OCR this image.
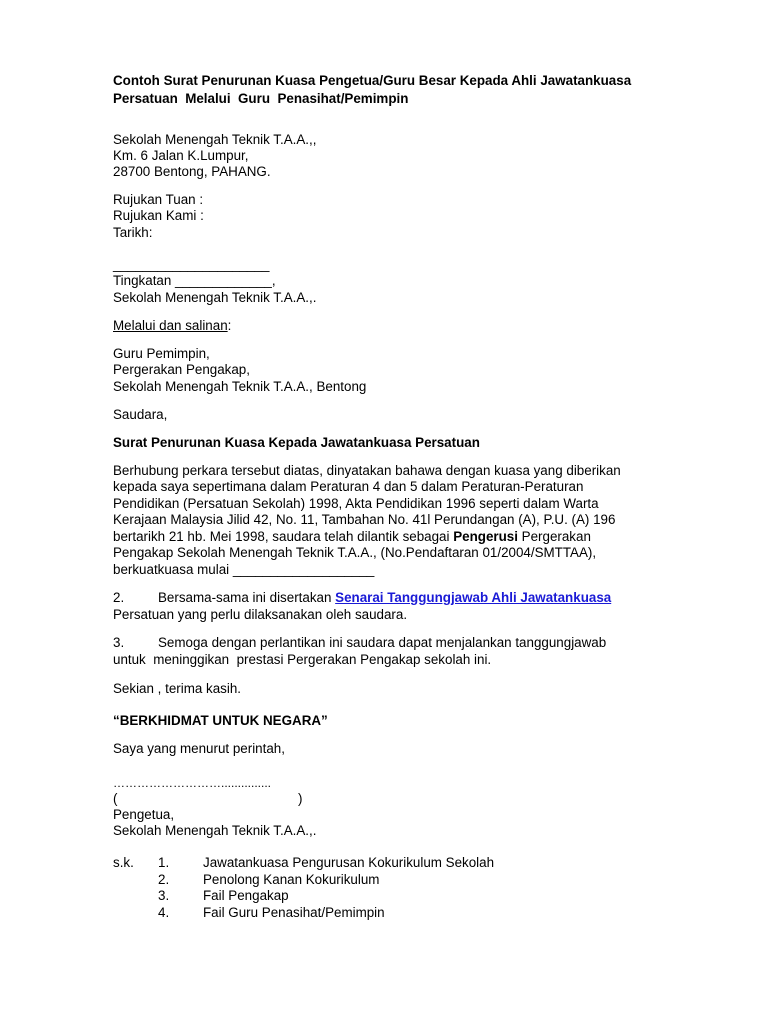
Contoh Surat Penurunan Kuasa Pengetua/Guru Besar Kepada Ahli Jawatankuasa
Persatuan  Melalui  Guru  Penasihat/Pemimpin
Sekolah Menengah Teknik T.A.A.,,
Km. 6 Jalan K.Lumpur,
28700 Bentong, PAHANG.
Rujukan Tuan :
Rujukan Kami :
Tarikh:
_____________________
Tingkatan _____________,
Sekolah Menengah Teknik T.A.A.,.
Melalui dan salinan:
Guru Pemimpin,
Pergerakan Pengakap,
Sekolah Menengah Teknik T.A.A., Bentong
Saudara,
Surat Penurunan Kuasa Kepada Jawatankuasa Persatuan
Berhubung perkara tersebut diatas, dinyatakan bahawa dengan kuasa yang diberikan
kepada saya sepertimana dalam Peraturan 4 dan 5 dalam Peraturan-Peraturan
Pendidikan (Persatuan Sekolah) 1998, Akta Pendidikan 1996 seperti dalam Warta
Kerajaan Malaysia Jilid 42, No. 11, Tambahan No. 41l Perundangan (A), P.U. (A) 196
bertarikh 21 hb. Mei 1998, saudara telah dilantik sebagai Pengerusi Pergerakan
Pengakap Sekolah Menengah Teknik T.A.A., (No.Pendaftaran 01/2004/SMTTAA),
berkuatkuasa mulai ___________________
2.	Bersama-sama ini disertakan Senarai Tanggungjawab Ahli Jawatankuasa
Persatuan yang perlu dilaksanakan oleh saudara.
3.	Semoga dengan perlantikan ini saudara dapat menjalankan tanggungjawab
untuk  meninggikan  prestasi Pergerakan Pengakap sekolah ini.
Sekian , terima kasih.
“BERKHIDMAT UNTUK NEGARA”
Saya yang menurut perintah,
………………………...............
(	)
Pengetua,
Sekolah Menengah Teknik T.A.A.,.
s.k. 1.	Jawatankuasa Pengurusan Kokurikulum Sekolah
2.	Penolong Kanan Kokurikulum
3.	Fail Pengakap
4.	Fail Guru Penasihat/Pemimpin
